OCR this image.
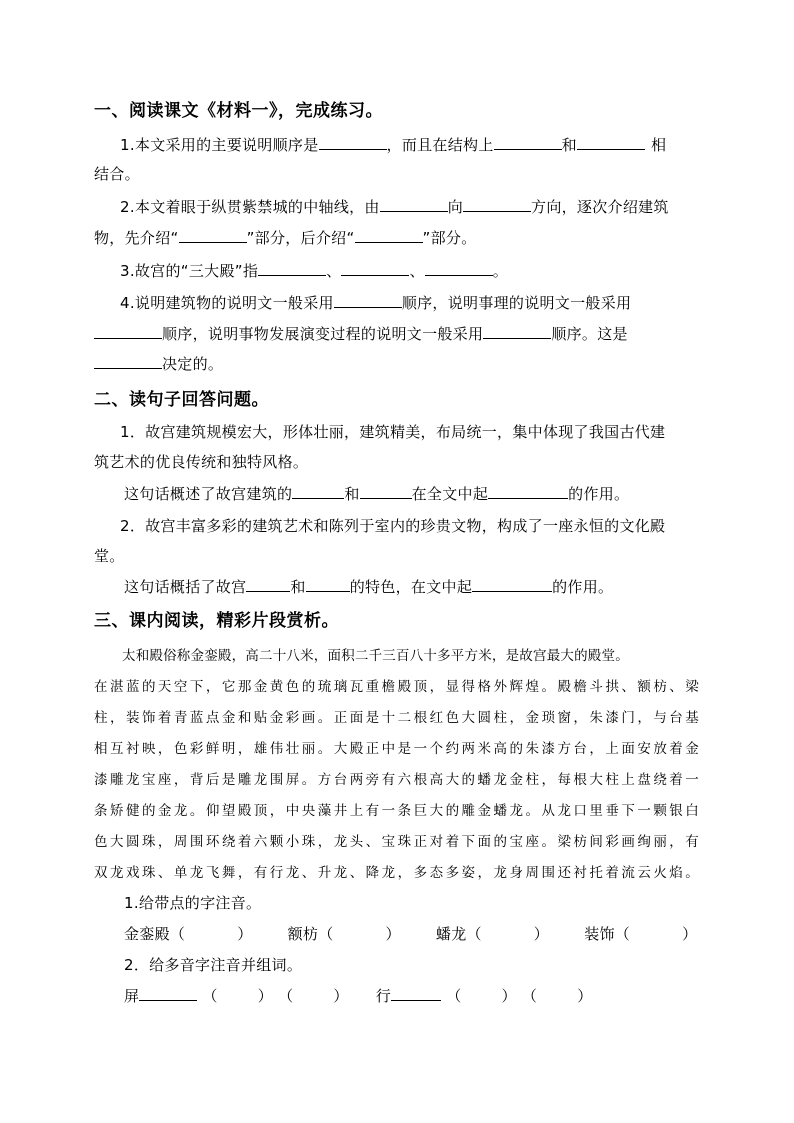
一、阅读课文《材料一》，完成练习。
1.本文采用的主要说明顺序是	，而且在结构上	和	相
结合。
2.本文着眼于纵贯紫禁城的中轴线，由	向	方向，逐次介绍建筑
物，先介绍“	”部分，后介绍“	”部分。
3.故宫的“三大殿”指	、	、	。
4.说明建筑物的说明文一般采用	顺序，说明事理的说明文一般采用
顺序，说明事物发展演变过程的说明文一般采用	顺序。这是
决定的。
二、读句子回答问题。
1．故宫建筑规模宏大，形体壮丽，建筑精美，布局统一，集中体现了我国古代建
筑艺术的优良传统和独特风格。
这句话概述了故宫建筑的	和	在全文中起	的作用。
2．故宫丰富多彩的建筑艺术和陈列于室内的珍贵文物，构成了一座永恒的文化殿
堂。
这句话概括了故宫	和	的特色，在文中起	的作用。
三、课内阅读，精彩片段赏析。
太和殿俗称金銮殿，高二十八米，面积二千三百八十多平方米，是故宫最大的殿堂。
在湛蓝的天空下，它那金黄色的琉璃瓦重檐殿顶，显得格外辉煌。殿檐斗拱、额枋、梁
柱，装饰着青蓝点金和贴金彩画。正面是十二根红色大圆柱，金琐窗，朱漆门，与台基
相互衬映，色彩鲜明，雄伟壮丽。大殿正中是一个约两米高的朱漆方台，上面安放着金
漆雕龙宝座，背后是雕龙围屏。方台两旁有六根高大的蟠龙金柱，每根大柱上盘绕着一
条矫健的金龙。仰望殿顶，中央藻井上有一条巨大的雕金蟠龙。从龙口里垂下一颗银白
色大圆珠，周围环绕着六颗小珠，龙头、宝珠正对着下面的宝座。梁枋间彩画绚丽，有
双龙戏珠、单龙飞舞，有行龙、升龙、降龙，多态多姿，龙身周围还衬托着流云火焰。
1.给带点的字注音。
金銮殿（	） 额枋（	） 蟠龙（	） 装饰（	）
2．给多音字注音并组词。
屏	（	） （	） 行	（	） （	）
